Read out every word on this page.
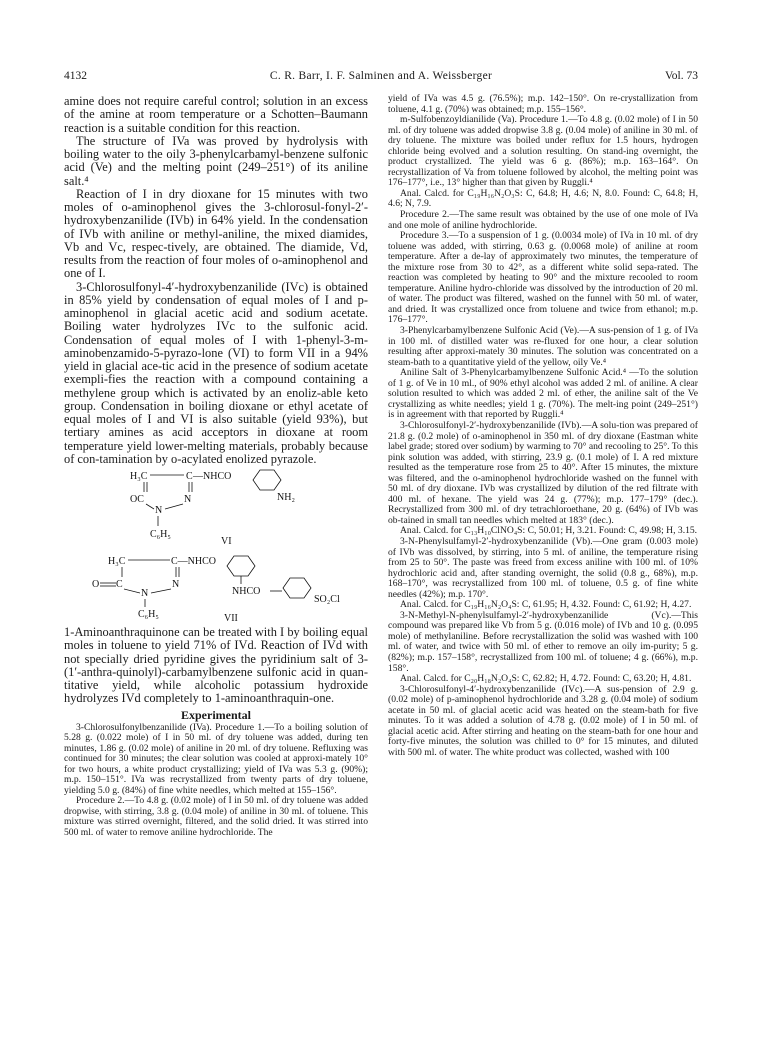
4132	C. R. Barr, I. F. Salminen and A. Weissberger	Vol. 73

amine does not require careful control; solution in an excess of the amine at room temperature or a Schotten–Baumann reaction is a suitable condition for this reaction.

The structure of IVa was proved by hydrolysis with boiling water to the oily 3-phenylcarbamyl-benzene sulfonic acid (Ve) and the melting point (249–251°) of its aniline salt.⁴

Reaction of I in dry dioxane for 15 minutes with two moles of o-aminophenol gives the 3-chlorosul-fonyl-2′-hydroxybenzanilide (IVb) in 64% yield. In the condensation of IVb with aniline or methyl-aniline, the mixed diamides, Vb and Vc, respec-tively, are obtained. The diamide, Vd, results from the reaction of four moles of o-aminophenol and one of I.

3-Chlorosulfonyl-4′-hydroxybenzanilide (IVc) is obtained in 85% yield by condensation of equal moles of I and p-aminophenol in glacial acetic acid and sodium acetate. Boiling water hydrolyzes IVc to the sulfonic acid. Condensation of equal moles of I with 1-phenyl-3-m-aminobenzamido-5-pyrazo-lone (VI) to form VII in a 94% yield in glacial ace-tic acid in the presence of sodium acetate exempli-fies the reaction with a compound containing a methylene group which is activated by an enoliz-able keto group. Condensation in boiling dioxane or ethyl acetate of equal moles of I and VI is also suitable (yield 93%), but tertiary amines as acid acceptors in dioxane at room temperature yield lower-melting materials, probably because of con-tamination by o-acylated enolized pyrazole.

H₃C	C —NHCO
OC	N
N
NH₂
C₆H₅
VI
H₃C	C—NHCO
O C	N
N	NHCO
SO₂Cl
C₆H₅	VII

1-Aminoanthraquinone can be treated with I by boiling equal moles in toluene to yield 71% of IVd. Reaction of IVd with not specially dried pyridine gives the pyridinium salt of 3-(1′-anthra-quinolyl)-carbamylbenzene sulfonic acid in quan-titative yield, while alcoholic potassium hydroxide hydrolyzes IVd completely to 1-aminoanthraquin-one.

Experimental

3-Chlorosulfonylbenzanilide (IVa). Procedure 1.—To a boiling solution of 5.28 g. (0.022 mole) of I in 50 ml. of dry toluene was added, during ten minutes, 1.86 g. (0.02 mole) of aniline in 20 ml. of dry toluene. Refluxing was continued for 30 minutes; the clear solution was cooled at approxi-mately 10° for two hours, a white product crystallizing; yield of IVa was 5.3 g. (90%); m.p. 150–151°. IVa was recrystallized from twenty parts of dry toluene, yielding 5.0 g. (84%) of fine white needles, which melted at 155–156°.

Procedure 2.—To 4.8 g. (0.02 mole) of I in 50 ml. of dry toluene was added dropwise, with stirring, 3.8 g. (0.04 mole) of aniline in 30 ml. of toluene. This mixture was stirred overnight, filtered, and the solid dried. It was stirred into 500 ml. of water to remove aniline hydrochloride. The

yield of IVa was 4.5 g. (76.5%); m.p. 142–150°. On re-crystallization from toluene, 4.1 g. (70%) was obtained; m.p. 155–156°.

m-Sulfobenzoyldianilide (Va). Procedure 1.—To 4.8 g. (0.02 mole) of I in 50 ml. of dry toluene was added dropwise 3.8 g. (0.04 mole) of aniline in 30 ml. of dry toluene. The mixture was boiled under reflux for 1.5 hours, hydrogen chloride being evolved and a solution resulting. On stand-ing overnight, the product crystallized. The yield was 6 g. (86%); m.p. 163–164°. On recrystallization of Va from toluene followed by alcohol, the melting point was 176–177°, i.e., 13° higher than that given by Ruggli.⁴

Anal. Calcd. for C₁₉H₁₆N₂O₃S: C, 64.8; H, 4.6; N, 8.0. Found: C, 64.8; H, 4.6; N, 7.9.

Procedure 2.—The same result was obtained by the use of one mole of IVa and one mole of aniline hydrochloride.

Procedure 3.—To a suspension of 1 g. (0.0034 mole) of IVa in 10 ml. of dry toluene was added, with stirring, 0.63 g. (0.0068 mole) of aniline at room temperature. After a de-lay of approximately two minutes, the temperature of the mixture rose from 30 to 42°, as a different white solid sepa-rated. The reaction was completed by heating to 90° and the mixture recooled to room temperature. Aniline hydro-chloride was dissolved by the introduction of 20 ml. of water. The product was filtered, washed on the funnel with 50 ml. of water, and dried. It was crystallized once from toluene and twice from ethanol; m.p. 176–177°.

3-Phenylcarbamylbenzene Sulfonic Acid (Ve).—A sus-pension of 1 g. of IVa in 100 ml. of distilled water was re-fluxed for one hour, a clear solution resulting after approxi-mately 30 minutes. The solution was concentrated on a steam-bath to a quantitative yield of the yellow, oily Ve.⁴

Aniline Salt of 3-Phenylcarbamylbenzene Sulfonic Acid.⁴ —To the solution of 1 g. of Ve in 10 ml., of 90% ethyl alcohol was added 2 ml. of aniline. A clear solution resulted to which was added 2 ml. of ether, the aniline salt of the Ve crystallizing as white needles; yield 1 g. (70%). The melt-ing point (249–251°) is in agreement with that reported by Ruggli.⁴

3-Chlorosulfonyl-2′-hydroxybenzanilide (IVb).—A solu-tion was prepared of 21.8 g. (0.2 mole) of o-aminophenol in 350 ml. of dry dioxane (Eastman white label grade; stored over sodium) by warming to 70° and recooling to 25°. To this pink solution was added, with stirring, 23.9 g. (0.1 mole) of I. A red mixture resulted as the temperature rose from 25 to 40°. After 15 minutes, the mixture was filtered, and the o-aminophenol hydrochloride washed on the funnel with 50 ml. of dry dioxane. IVb was crystallized by dilution of the red filtrate with 400 ml. of hexane. The yield was 24 g. (77%); m.p. 177–179° (dec.). Recrystallized from 300 ml. of dry tetrachloroethane, 20 g. (64%) of IVb was ob-tained in small tan needles which melted at 183° (dec.).

Anal. Calcd. for C₁₃H₁₀ClNO₄S: C, 50.01; H, 3.21. Found: C, 49.98; H, 3.15.

3-N-Phenylsulfamyl-2′-hydroxybenzanilide (Vb).—One gram (0.003 mole) of IVb was dissolved, by stirring, into 5 ml. of aniline, the temperature rising from 25 to 50°. The paste was freed from excess aniline with 100 ml. of 10% hydrochloric acid and, after standing overnight, the solid (0.8 g., 68%), m.p. 168–170°, was recrystallized from 100 ml. of toluene, 0.5 g. of fine white needles (42%); m.p. 170°.

Anal. Calcd. for C₁₉H₁₆N₂O₄S: C, 61.95; H, 4.32. Found: C, 61.92; H, 4.27.

3-N-Methyl-N-phenylsulfamyl-2′-hydroxybenzanilide (Vc).—This compound was prepared like Vb from 5 g. (0.016 mole) of IVb and 10 g. (0.095 mole) of methylaniline. Before recrystallization the solid was washed with 100 ml. of water, and twice with 50 ml. of ether to remove an oily im-purity; 5 g. (82%); m.p. 157–158°, recrystallized from 100 ml. of toluene; 4 g. (66%), m.p. 158°.

Anal. Calcd. for C₂₀H₁₈N₂O₄S: C, 62.82; H, 4.72. Found: C, 63.20; H, 4.81.

3-Chlorosulfonyl-4′-hydroxybenzanilide (IVc).—A sus-pension of 2.9 g. (0.02 mole) of p-aminophenol hydrochloride and 3.28 g. (0.04 mole) of sodium acetate in 50 ml. of glacial acetic acid was heated on the steam-bath for five minutes. To it was added a solution of 4.78 g. (0.02 mole) of I in 50 ml. of glacial acetic acid. After stirring and heating on the steam-bath for one hour and forty-five minutes, the solution was chilled to 0° for 15 minutes, and diluted with 500 ml. of water. The white product was collected, washed with 100
